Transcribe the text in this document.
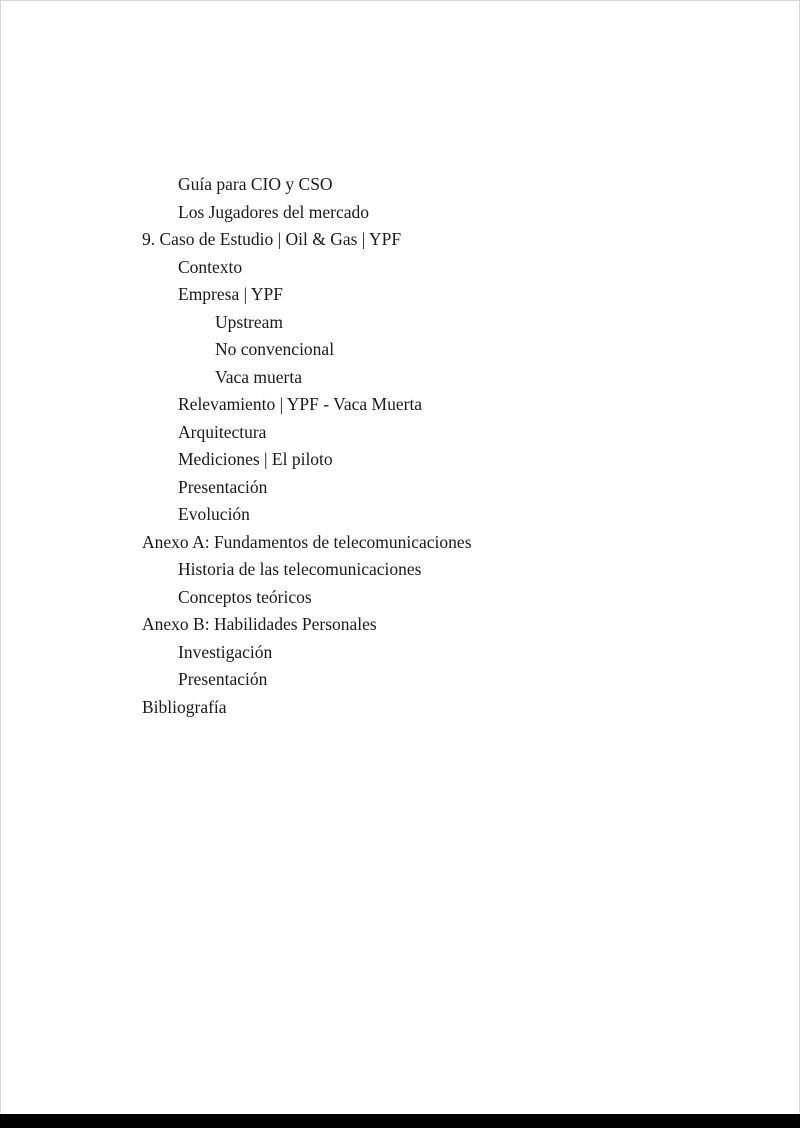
Guía para CIO y CSO
Los Jugadores del mercado
9. Caso de Estudio | Oil & Gas | YPF
Contexto
Empresa | YPF
Upstream
No convencional
Vaca muerta
Relevamiento | YPF - Vaca Muerta
Arquitectura
Mediciones | El piloto
Presentación
Evolución
Anexo A: Fundamentos de telecomunicaciones
Historia de las telecomunicaciones
Conceptos teóricos
Anexo B: Habilidades Personales
Investigación
Presentación
Bibliografía
